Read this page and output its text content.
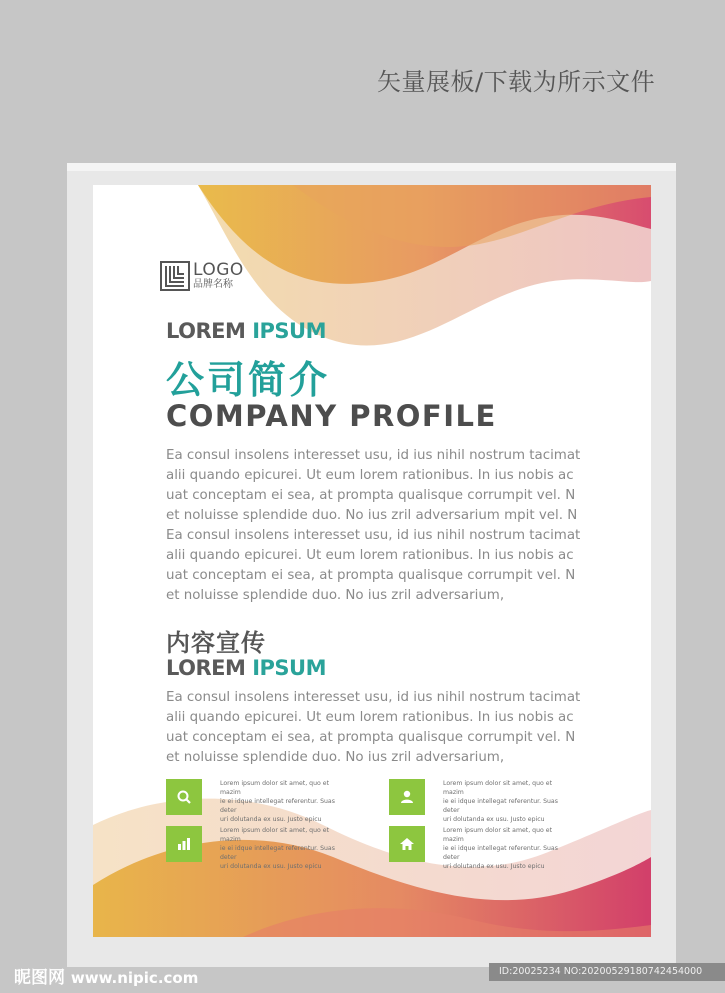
矢量展板/下载为所示文件
LOGO
品牌名称
LOREM IPSUM
公司简介
COMPANY PROFILE
Ea consul insolens interesset usu, id ius nihil nostrum tacimat
alii quando epicurei. Ut eum lorem rationibus. In ius nobis ac
uat conceptam ei sea, at prompta qualisque corrumpit vel. N
et noluisse splendide duo. No ius zril adversarium mpit vel. N
Ea consul insolens interesset usu, id ius nihil nostrum tacimat
alii quando epicurei. Ut eum lorem rationibus. In ius nobis ac
uat conceptam ei sea, at prompta qualisque corrumpit vel. N
et noluisse splendide duo. No ius zril adversarium,
内容宣传
LOREM IPSUM
Ea consul insolens interesset usu, id ius nihil nostrum tacimat
alii quando epicurei. Ut eum lorem rationibus. In ius nobis ac
uat conceptam ei sea, at prompta qualisque corrumpit vel. N
et noluisse splendide duo. No ius zril adversarium,
Lorem ipsum dolor sit amet, quo et mazim
ie ei idque intellegat referentur. Suas deter
uri dolutanda ex usu. Justo epicu
Lorem ipsum dolor sit amet, quo et mazim
ie ei idque intellegat referentur. Suas deter
uri dolutanda ex usu. Justo epicu
Lorem ipsum dolor sit amet, quo et mazim
ie ei idque intellegat referentur. Suas deter
uri dolutanda ex usu. Justo epicu
Lorem ipsum dolor sit amet, quo et mazim
ie ei idque intellegat referentur. Suas deter
uri dolutanda ex usu. Justo epicu
昵图网 www.nipic.com	ID:20025234 NO:20200529180742454000
